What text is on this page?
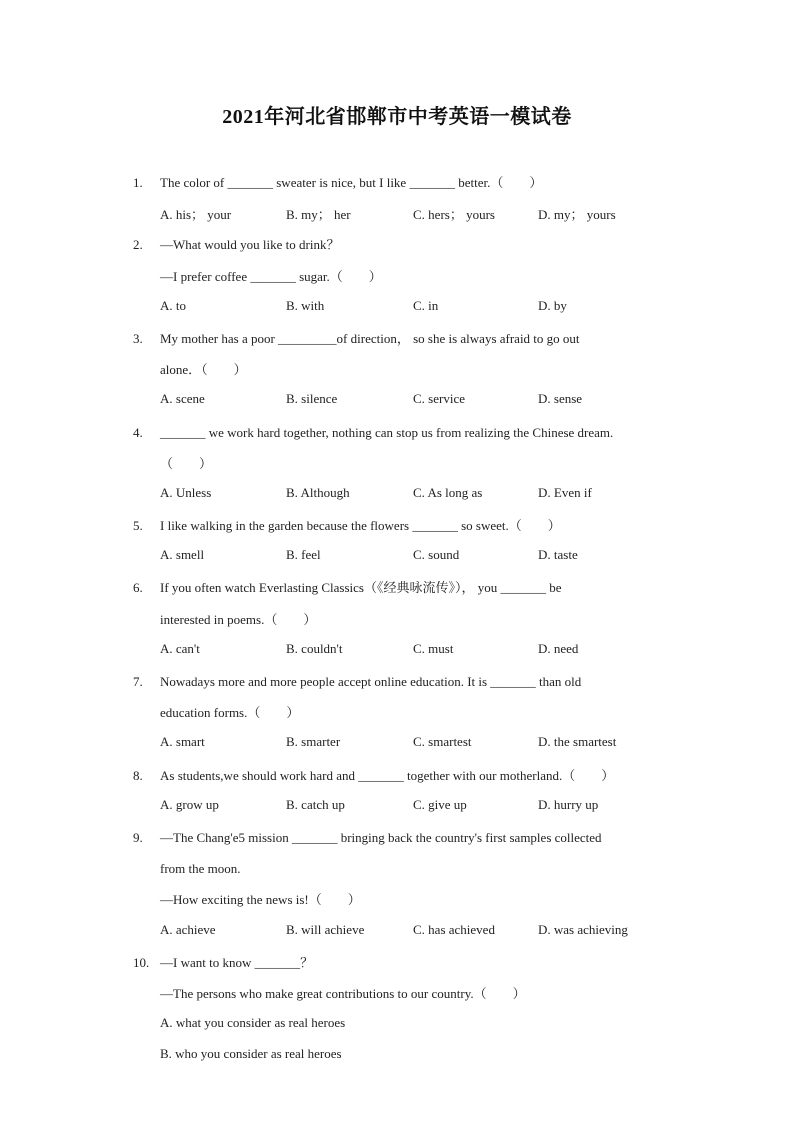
2021年河北省邯郸市中考英语一模试卷
1. The color of _______ sweater is nice, but I like _______ better.（　　）
A. his； your	B. my； her	C. hers； yours	D. my； yours
2. —What would you like to drink？
—I prefer coffee _______ sugar.（　　）
A. to	B. with	C. in	D. by
3. My mother has a poor _________of direction， so she is always afraid to go out
alone．（　　）
A. scene	B. silence	C. service	D. sense
4. _______ we work hard together, nothing can stop us from realizing the Chinese dream.
（　　）
A. Unless	B. Although	C. As long as	D. Even if
5. I like walking in the garden because the flowers _______ so sweet.（　　）
A. smell	B. feel	C. sound	D. taste
6. If you often watch Everlasting Classics（《经典咏流传》）， you _______ be
interested in poems.（　　）
A. can't	B. couldn't	C. must	D. need
7. Nowadays more and more people accept online education. It is _______ than old
education forms.（　　）
A. smart	B. smarter	C. smartest	D. the smartest
8. As students,we should work hard and _______ together with our motherland.（　　）
A. grow up	B. catch up	C. give up	D. hurry up
9. —The Chang'e5 mission _______ bringing back the country's first samples collected
from the moon.
—How exciting the news is!（　　）
A. achieve	B. will achieve	C. has achieved	D. was achieving
10. —I want to know _______？
—The persons who make great contributions to our country.（　　）
A. what you consider as real heroes
B. who you consider as real heroes
